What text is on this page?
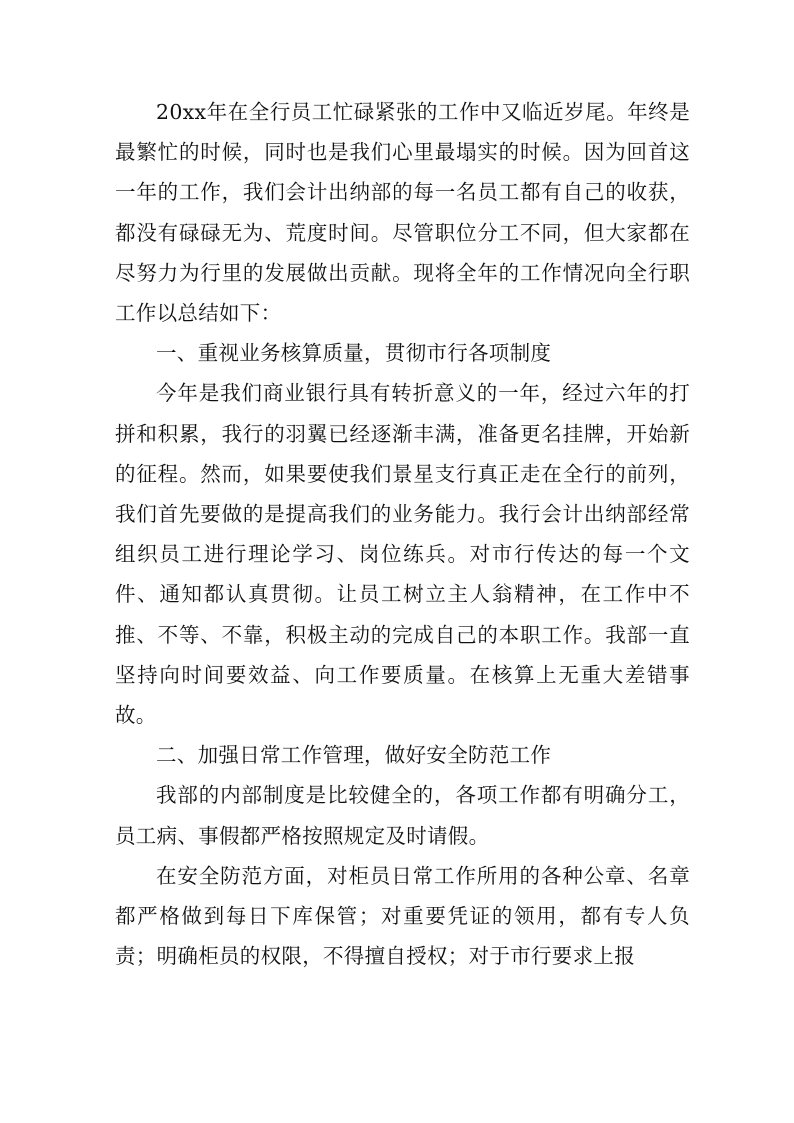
20xx年在全行员工忙碌紧张的工作中又临近岁尾。年终是最繁忙的时候，同时也是我们心里最塌实的时候。因为回首这一年的工作，我们会计出纳部的每一名员工都有自己的收获，都没有碌碌无为、荒度时间。尽管职位分工不同，但大家都在尽努力为行里的发展做出贡献。现将全年的工作情况向全行职工作以总结如下：

一、重视业务核算质量，贯彻市行各项制度

今年是我们商业银行具有转折意义的一年，经过六年的打拼和积累，我行的羽翼已经逐渐丰满，准备更名挂牌，开始新的征程。然而，如果要使我们景星支行真正走在全行的前列，我们首先要做的是提高我们的业务能力。我行会计出纳部经常组织员工进行理论学习、岗位练兵。对市行传达的每一个文件、通知都认真贯彻。让员工树立主人翁精神，在工作中不推、不等、不靠，积极主动的完成自己的本职工作。我部一直坚持向时间要效益、向工作要质量。在核算上无重大差错事故。

二、加强日常工作管理，做好安全防范工作

我部的内部制度是比较健全的，各项工作都有明确分工，员工病、事假都严格按照规定及时请假。

在安全防范方面，对柜员日常工作所用的各种公章、名章都严格做到每日下库保管；对重要凭证的领用，都有专人负责；明确柜员的权限，不得擅自授权；对于市行要求上报
